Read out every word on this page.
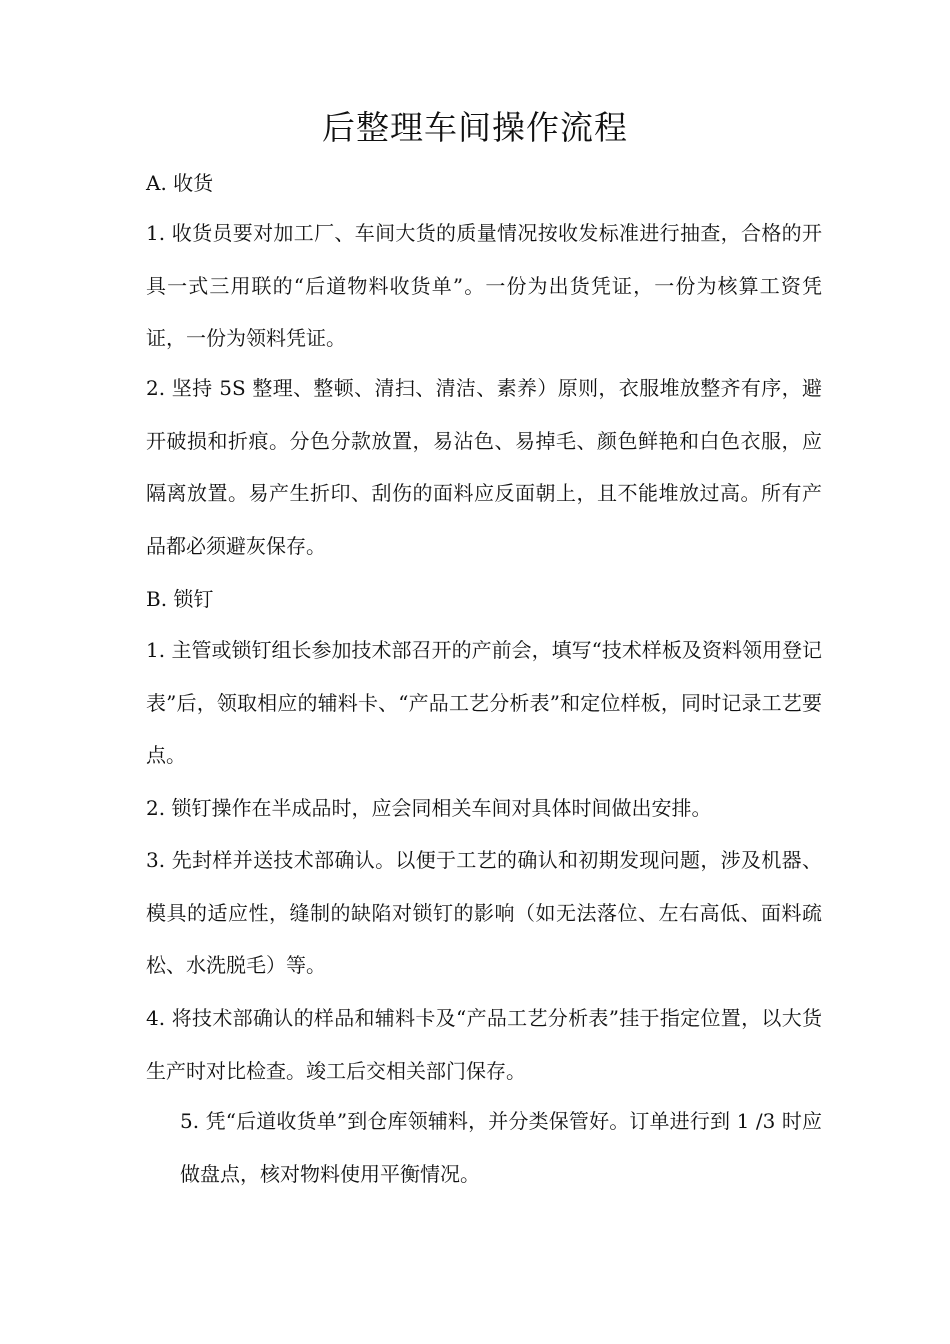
后整理车间操作流程
A. 收货
1. 收货员要对加工厂、车间大货的质量情况按收发标准进行抽查，合格的开具一式三用联的“后道物料收货单”。一份为出货凭证，一份为核算工资凭证，一份为领料凭证。
2. 坚持 5S 整理、整顿、清扫、清洁、素养）原则，衣服堆放整齐有序，避开破损和折痕。分色分款放置，易沾色、易掉毛、颜色鲜艳和白色衣服，应隔离放置。易产生折印、刮伤的面料应反面朝上，且不能堆放过高。所有产品都必须避灰保存。
B. 锁钉
1. 主管或锁钉组长参加技术部召开的产前会，填写“技术样板及资料领用登记表”后，领取相应的辅料卡、“产品工艺分析表”和定位样板，同时记录工艺要点。
2. 锁钉操作在半成品时，应会同相关车间对具体时间做出安排。
3. 先封样并送技术部确认。以便于工艺的确认和初期发现问题，涉及机器、模具的适应性，缝制的缺陷对锁钉的影响（如无法落位、左右高低、面料疏松、水洗脱毛）等。
4. 将技术部确认的样品和辅料卡及“产品工艺分析表”挂于指定位置，以大货生产时对比检查。竣工后交相关部门保存。
5. 凭“后道收货单”到仓库领辅料，并分类保管好。订单进行到 1 /3 时应做盘点，核对物料使用平衡情况。
